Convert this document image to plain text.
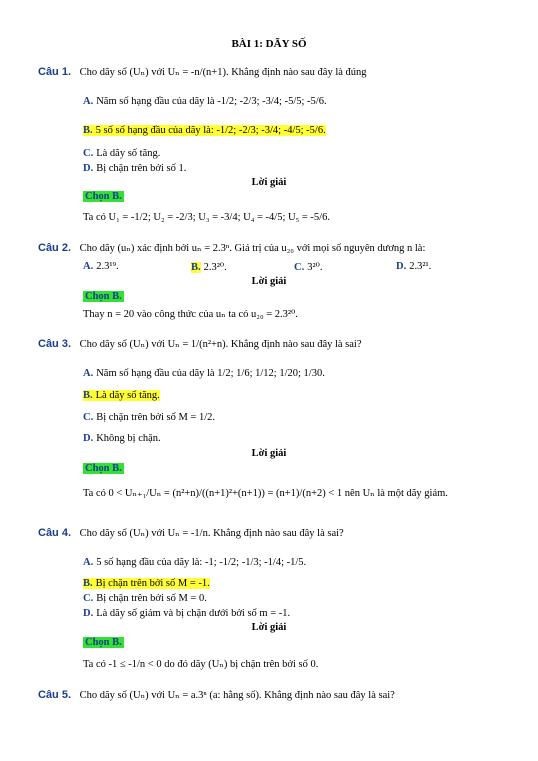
BÀI 1: DÃY SỐ
Câu 1. Cho dãy số (Uₙ) với Uₙ = -n/(n+1). Khẳng định nào sau đây là đúng
A. Năm số hạng đầu của dãy là -1/2; -2/3; -3/4; -5/5; -5/6.
B. 5 số số hạng đầu của dãy là: -1/2; -2/3; -3/4; -4/5; -5/6.
C. Là dãy số tăng.
D. Bị chặn trên bởi số 1.
Lời giải
Chọn B.
Ta có U₁ = -1/2; U₂ = -2/3; U₃ = -3/4; U₄ = -4/5; U₅ = -5/6.
Câu 2. Cho dãy (uₙ) xác định bởi uₙ = 2.3ⁿ. Giá trị của u₂₀ với mọi số nguyên dương n là:
A. 2.3¹⁹.	B. 2.3²⁰.	C. 3²⁰.	D. 2.3²¹.
Lời giải
Chọn B.
Thay n = 20 vào công thức của uₙ ta có u₂₀ = 2.3²⁰.
Câu 3. Cho dãy số (Uₙ) với Uₙ = 1/(n²+n). Khẳng định nào sau đây là sai?
A. Năm số hạng đầu của dãy là 1/2; 1/6; 1/12; 1/20; 1/30.
B. Là dãy số tăng.
C. Bị chặn trên bởi số M = 1/2.
D. Không bị chặn.
Lời giải
Chọn B.
Ta có 0 < Uₙ₊₁/Uₙ = (n²+n)/((n+1)²+(n+1)) = (n+1)/(n+2) < 1 nên Uₙ là một dãy giảm.
Câu 4. Cho dãy số (Uₙ) với Uₙ = -1/n. Khẳng định nào sau đây là sai?
A. 5 số hạng đầu của dãy là: -1; -1/2; -1/3; -1/4; -1/5.
B. Bị chặn trên bởi số M = -1.
C. Bị chặn trên bởi số M = 0.
D. Là dãy số giảm và bị chặn dưới bởi số m = -1.
Lời giải
Chọn B.
Ta có -1 ≤ -1/n < 0 do đó dãy (Uₙ) bị chặn trên bởi số 0.
Câu 5. Cho dãy số (Uₙ) với Uₙ = a.3ⁿ (a: hằng số). Khẳng định nào sau đây là sai?
